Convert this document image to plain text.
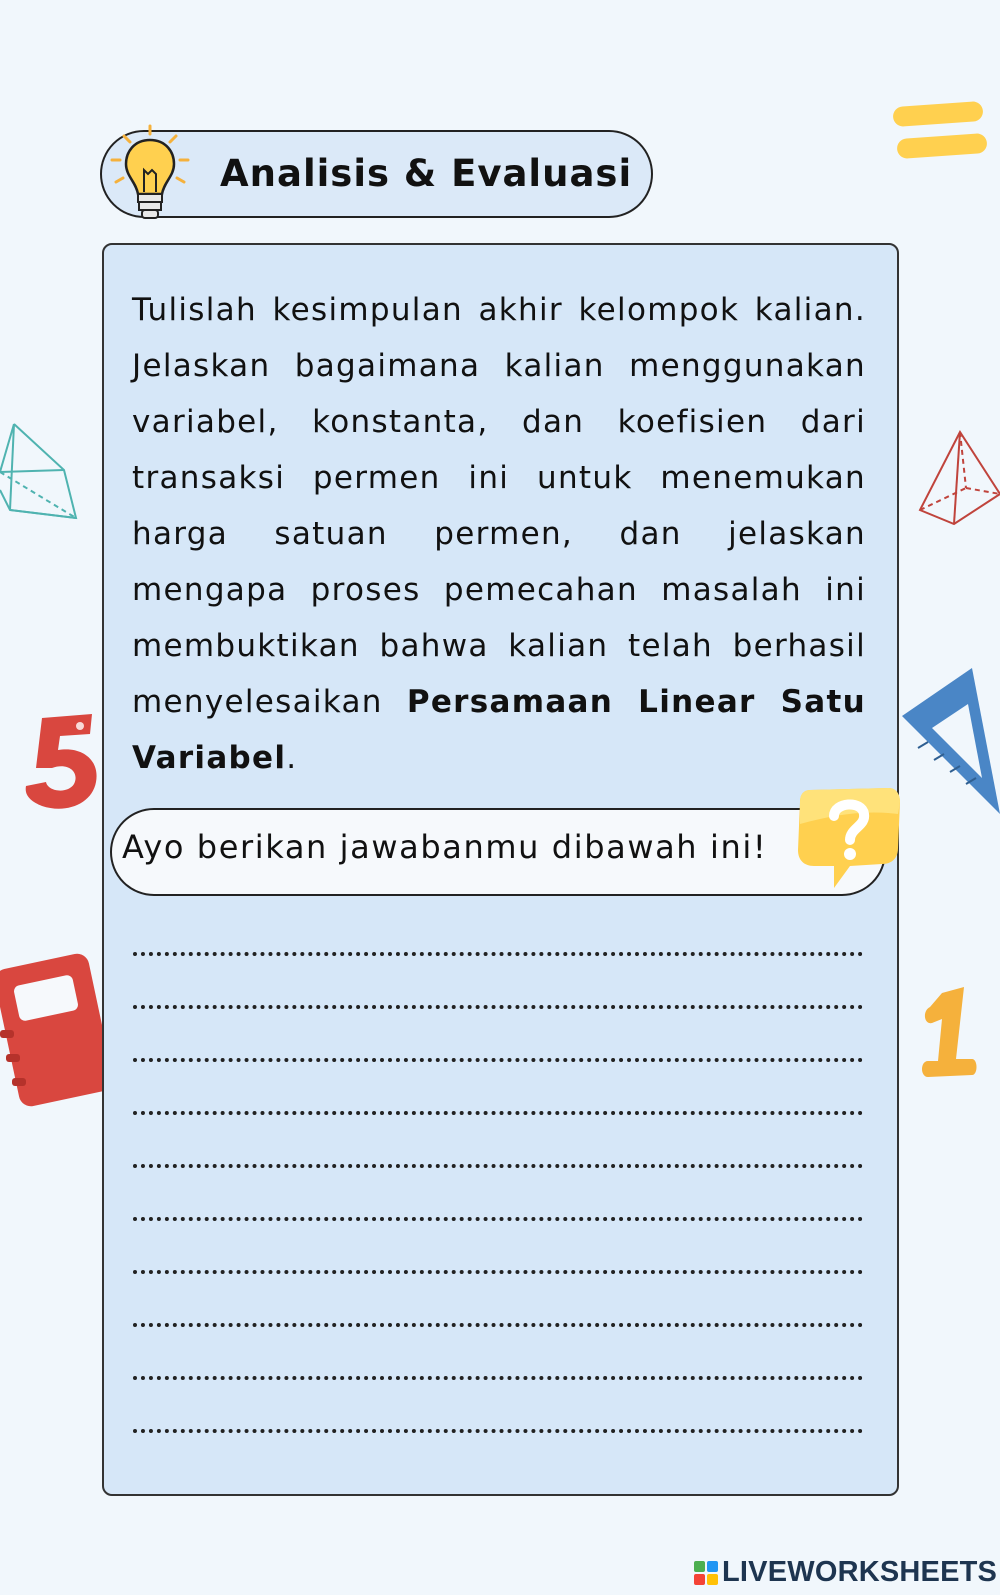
Analisis & Evaluasi

Tulislah kesimpulan akhir kelompok kalian. Jelaskan bagaimana kalian menggunakan variabel, konstanta, dan koefisien dari transaksi permen ini untuk menemukan harga satuan permen, dan jelaskan mengapa proses pemecahan masalah ini membuktikan bahwa kalian telah berhasil menyelesaikan Persamaan Linear Satu Variabel.

Ayo berikan jawabanmu dibawah ini!
LIVEWORKSHEETS
